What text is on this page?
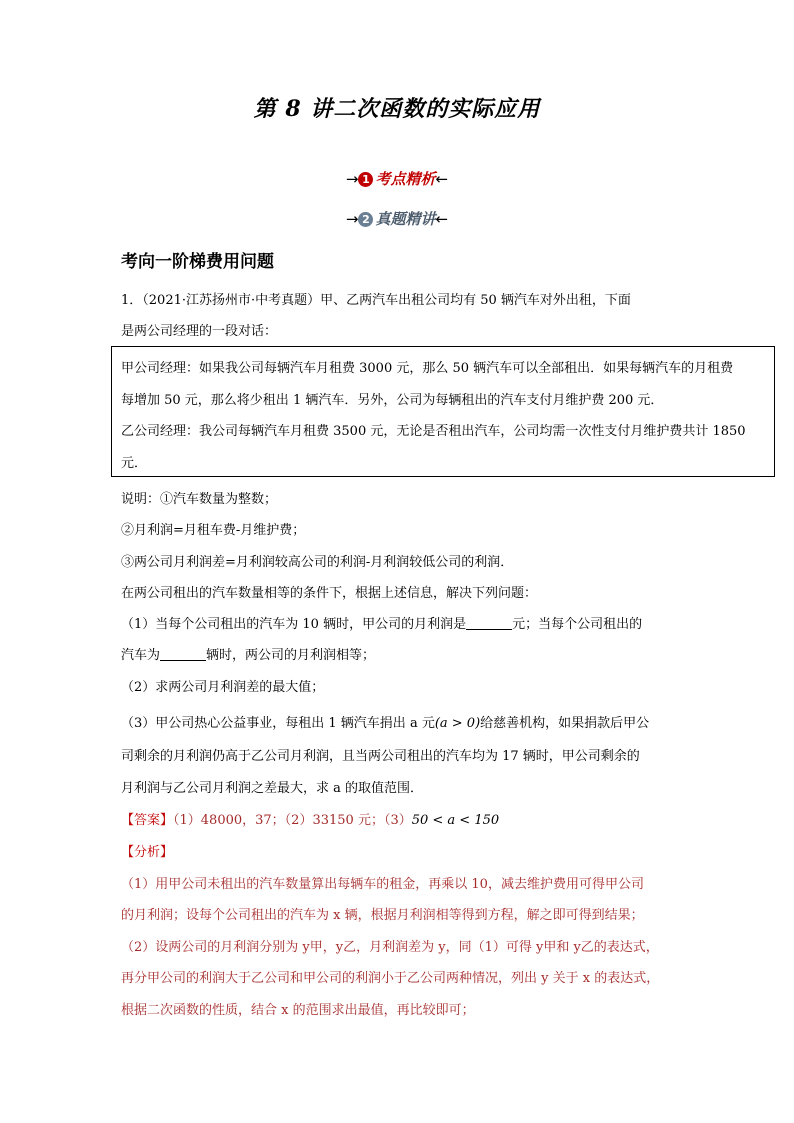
第 8 讲二次函数的实际应用
→ 1 考点精析←
→ 2 真题精讲←
考向一阶梯费用问题
1．（2021·江苏扬州市·中考真题）甲、乙两汽车出租公司均有 50 辆汽车对外出租，下面
是两公司经理的一段对话：
甲公司经理：如果我公司每辆汽车月租费 3000 元，那么 50 辆汽车可以全部租出．如果每辆汽车的月租费
每增加 50 元，那么将少租出 1 辆汽车．另外，公司为每辆租出的汽车支付月维护费 200 元．
乙公司经理：我公司每辆汽车月租费 3500 元，无论是否租出汽车，公司均需一次性支付月维护费共计 1850
元．
说明：①汽车数量为整数；
②月利润=月租车费-月维护费；
③两公司月利润差=月利润较高公司的利润-月利润较低公司的利润．
在两公司租出的汽车数量相等的条件下，根据上述信息，解决下列问题：
（1）当每个公司租出的汽车为 10 辆时，甲公司的月利润是	元；当每个公司租出的
汽车为	辆时，两公司的月利润相等；
（2）求两公司月利润差的最大值；
（3）甲公司热心公益事业，每租出 1 辆汽车捐出 a 元(a > 0)给慈善机构，如果捐款后甲公
司剩余的月利润仍高于乙公司月利润，且当两公司租出的汽车均为 17 辆时，甲公司剩余的
月利润与乙公司月利润之差最大，求 a 的取值范围．
【答案】（1）48000，37；（2）33150 元；（3）50 < a < 150
【分析】
（1）用甲公司未租出的汽车数量算出每辆车的租金，再乘以 10，减去维护费用可得甲公司
的月利润；设每个公司租出的汽车为 x 辆，根据月利润相等得到方程，解之即可得到结果；
（2）设两公司的月利润分别为 y甲，y乙，月利润差为 y，同（1）可得 y甲和 y乙的表达式，
再分甲公司的利润大于乙公司和甲公司的利润小于乙公司两种情况，列出 y 关于 x 的表达式，
根据二次函数的性质，结合 x 的范围求出最值，再比较即可；
